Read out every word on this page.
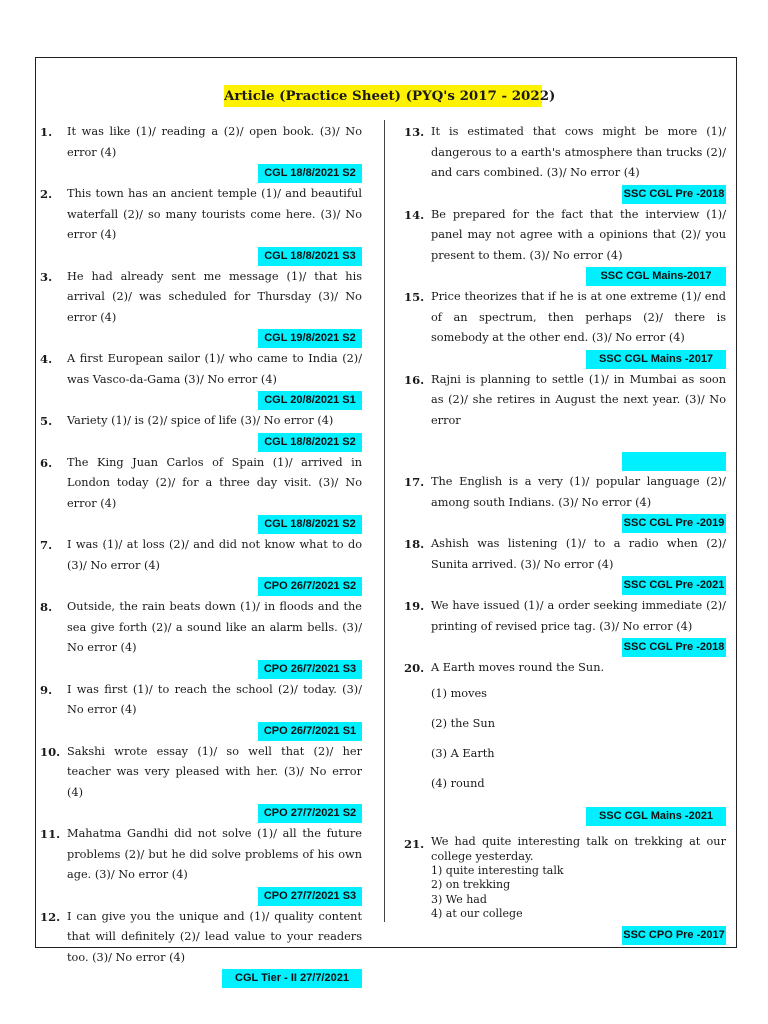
Article (Practice Sheet) (PYQ's 2017 - 2022)
1. It was like (1)/ reading a (2)/ open book. (3)/ No error (4)
CGL 18/8/2021 S2
2. This town has an ancient temple (1)/ and beautiful waterfall (2)/ so many tourists come here. (3)/ No error (4)
CGL 18/8/2021 S3
3. He had already sent me message (1)/ that his arrival (2)/ was scheduled for Thursday (3)/ No error (4)
CGL 19/8/2021 S2
4. A first European sailor (1)/ who came to India (2)/ was Vasco-da-Gama (3)/ No error (4)
CGL 20/8/2021 S1
5. Variety (1)/ is (2)/ spice of life (3)/ No error (4)
CGL 18/8/2021 S2
6. The King Juan Carlos of Spain (1)/ arrived in London today (2)/ for a three day visit. (3)/ No error (4)
CGL 18/8/2021 S2
7. I was (1)/ at loss (2)/ and did not know what to do (3)/ No error (4)
CPO 26/7/2021 S2
8. Outside, the rain beats down (1)/ in floods and the sea give forth (2)/ a sound like an alarm bells. (3)/ No error (4)
CPO 26/7/2021 S3
9. I was first (1)/ to reach the school (2)/ today. (3)/ No error (4)
CPO 26/7/2021 S1
10. Sakshi wrote essay (1)/ so well that (2)/ her teacher was very pleased with her. (3)/ No error (4)
CPO 27/7/2021 S2
11. Mahatma Gandhi did not solve (1)/ all the future problems (2)/ but he did solve problems of his own age. (3)/ No error (4)
CPO 27/7/2021 S3
12. I can give you the unique and (1)/ quality content that will definitely (2)/ lead value to your readers too. (3)/ No error (4)
CGL Tier - II 27/7/2021
13. It is estimated that cows might be more (1)/ dangerous to a earth's atmosphere than trucks (2)/ and cars combined. (3)/ No error (4)
SSC CGL Pre -2018
14. Be prepared for the fact that the interview (1)/ panel may not agree with a opinions that (2)/ you present to them. (3)/ No error (4)
SSC CGL Mains-2017
15. Price theorizes that if he is at one extreme (1)/ end of an spectrum, then perhaps (2)/ there is somebody at the other end. (3)/ No error (4)
SSC CGL Mains -2017
16. Rajni is planning to settle (1)/ in Mumbai as soon as (2)/ she retires in August the next year. (3)/ No error
17. The English is a very (1)/ popular language (2)/ among south Indians. (3)/ No error (4)
SSC CGL Pre -2019
18. Ashish was listening (1)/ to a radio when (2)/ Sunita arrived. (3)/ No error (4)
SSC CGL Pre -2021
19. We have issued (1)/ a order seeking immediate (2)/ printing of revised price tag. (3)/ No error (4)
SSC CGL Pre -2018
20. A Earth moves round the Sun.
(1) moves
(2) the Sun
(3) A Earth
(4) round
SSC CGL Mains -2021
21. We had quite interesting talk on trekking at our college yesterday.
1) quite interesting talk
2) on trekking
3) We had
4) at our college
SSC CPO Pre -2017
